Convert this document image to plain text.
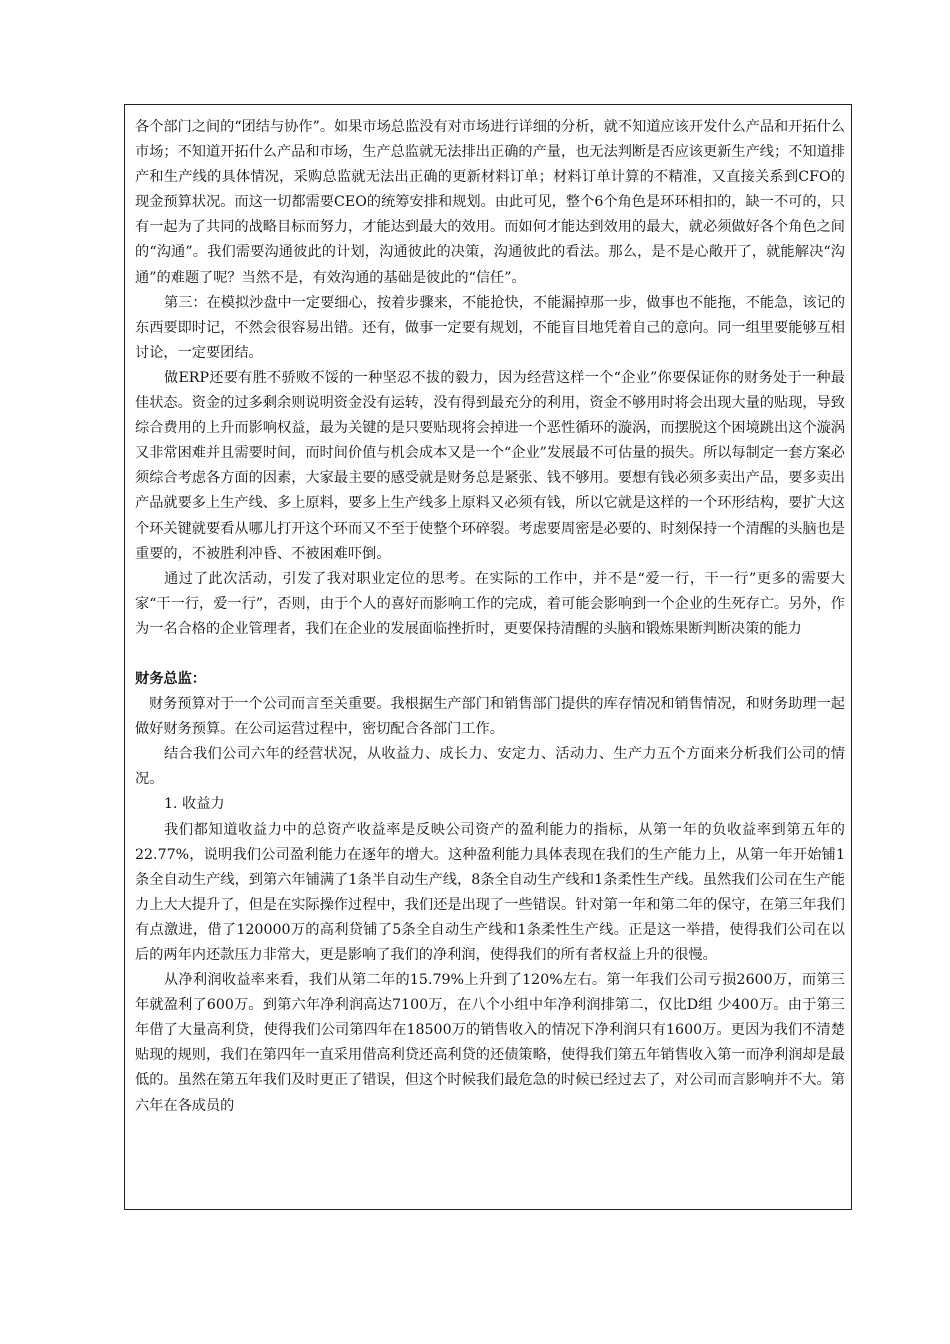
各个部门之间的“团结与协作”。如果市场总监没有对市场进行详细的分析，就不知道应该开发什么产品和开拓什么市场；不知道开拓什么产品和市场，生产总监就无法排出正确的产量，也无法判断是否应该更新生产线；不知道排产和生产线的具体情况，采购总监就无法出正确的更新材料订单；材料订单计算的不精准，又直接关系到CFO的现金预算状况。而这一切都需要CEO的统筹安排和规划。由此可见，整个6个角色是环环相扣的，缺一不可的，只有一起为了共同的战略目标而努力，才能达到最大的效用。而如何才能达到效用的最大，就必须做好各个角色之间的“沟通”。我们需要沟通彼此的计划，沟通彼此的决策，沟通彼此的看法。那么，是不是心敞开了，就能解决“沟通”的难题了呢？当然不是，有效沟通的基础是彼此的“信任”。

第三：在模拟沙盘中一定要细心，按着步骤来，不能抢快，不能漏掉那一步，做事也不能拖，不能急，该记的东西要即时记，不然会很容易出错。还有，做事一定要有规划，不能盲目地凭着自己的意向。同一组里要能够互相讨论，一定要团结。

做ERP还要有胜不骄败不馁的一种坚忍不拔的毅力，因为经营这样一个“企业”你要保证你的财务处于一种最佳状态。资金的过多剩余则说明资金没有运转，没有得到最充分的利用，资金不够用时将会出现大量的贴现，导致综合费用的上升而影响权益，最为关键的是只要贴现将会掉进一个恶性循环的漩涡，而摆脱这个困境跳出这个漩涡又非常困难并且需要时间，而时间价值与机会成本又是一个“企业”发展最不可估量的损失。所以每制定一套方案必须综合考虑各方面的因素，大家最主要的感受就是财务总是紧张、钱不够用。要想有钱必须多卖出产品，要多卖出产品就要多上生产线、多上原料，要多上生产线多上原料又必须有钱，所以它就是这样的一个环形结构，要扩大这个环关键就要看从哪儿打开这个环而又不至于使整个环碎裂。考虑要周密是必要的、时刻保持一个清醒的头脑也是重要的，不被胜利冲昏、不被困难吓倒。

通过了此次活动，引发了我对职业定位的思考。在实际的工作中，并不是“爱一行，干一行”更多的需要大家“干一行，爱一行”，否则，由于个人的喜好而影响工作的完成，着可能会影响到一个企业的生死存亡。另外，作为一名合格的企业管理者，我们在企业的发展面临挫折时，更要保持清醒的头脑和锻炼果断判断决策的能力

财务总监：

财务预算对于一个公司而言至关重要。我根据生产部门和销售部门提供的库存情况和销售情况，和财务助理一起做好财务预算。在公司运营过程中，密切配合各部门工作。

结合我们公司六年的经营状况，从收益力、成长力、安定力、活动力、生产力五个方面来分析我们公司的情况。

1. 收益力

我们都知道收益力中的总资产收益率是反映公司资产的盈利能力的指标，从第一年的负收益率到第五年的22.77%，说明我们公司盈利能力在逐年的增大。这种盈利能力具体表现在我们的生产能力上，从第一年开始铺1条全自动生产线，到第六年铺满了1条半自动生产线，8条全自动生产线和1条柔性生产线。虽然我们公司在生产能力上大大提升了，但是在实际操作过程中，我们还是出现了一些错误。针对第一年和第二年的保守，在第三年我们有点激进，借了120000万的高利贷铺了5条全自动生产线和1条柔性生产线。正是这一举措，使得我们公司在以后的两年内还款压力非常大，更是影响了我们的净利润，使得我们的所有者权益上升的很慢。

从净利润收益率来看，我们从第二年的15.79%上升到了120%左右。第一年我们公司亏损2600万，而第三年就盈利了600万。到第六年净利润高达7100万，在八个小组中年净利润排第二，仅比D组 少400万。由于第三年借了大量高利贷，使得我们公司第四年在18500万的销售收入的情况下净利润只有1600万。更因为我们不清楚贴现的规则，我们在第四年一直采用借高利贷还高利贷的还债策略，使得我们第五年销售收入第一而净利润却是最低的。虽然在第五年我们及时更正了错误，但这个时候我们最危急的时候已经过去了，对公司而言影响并不大。第六年在各成员的
